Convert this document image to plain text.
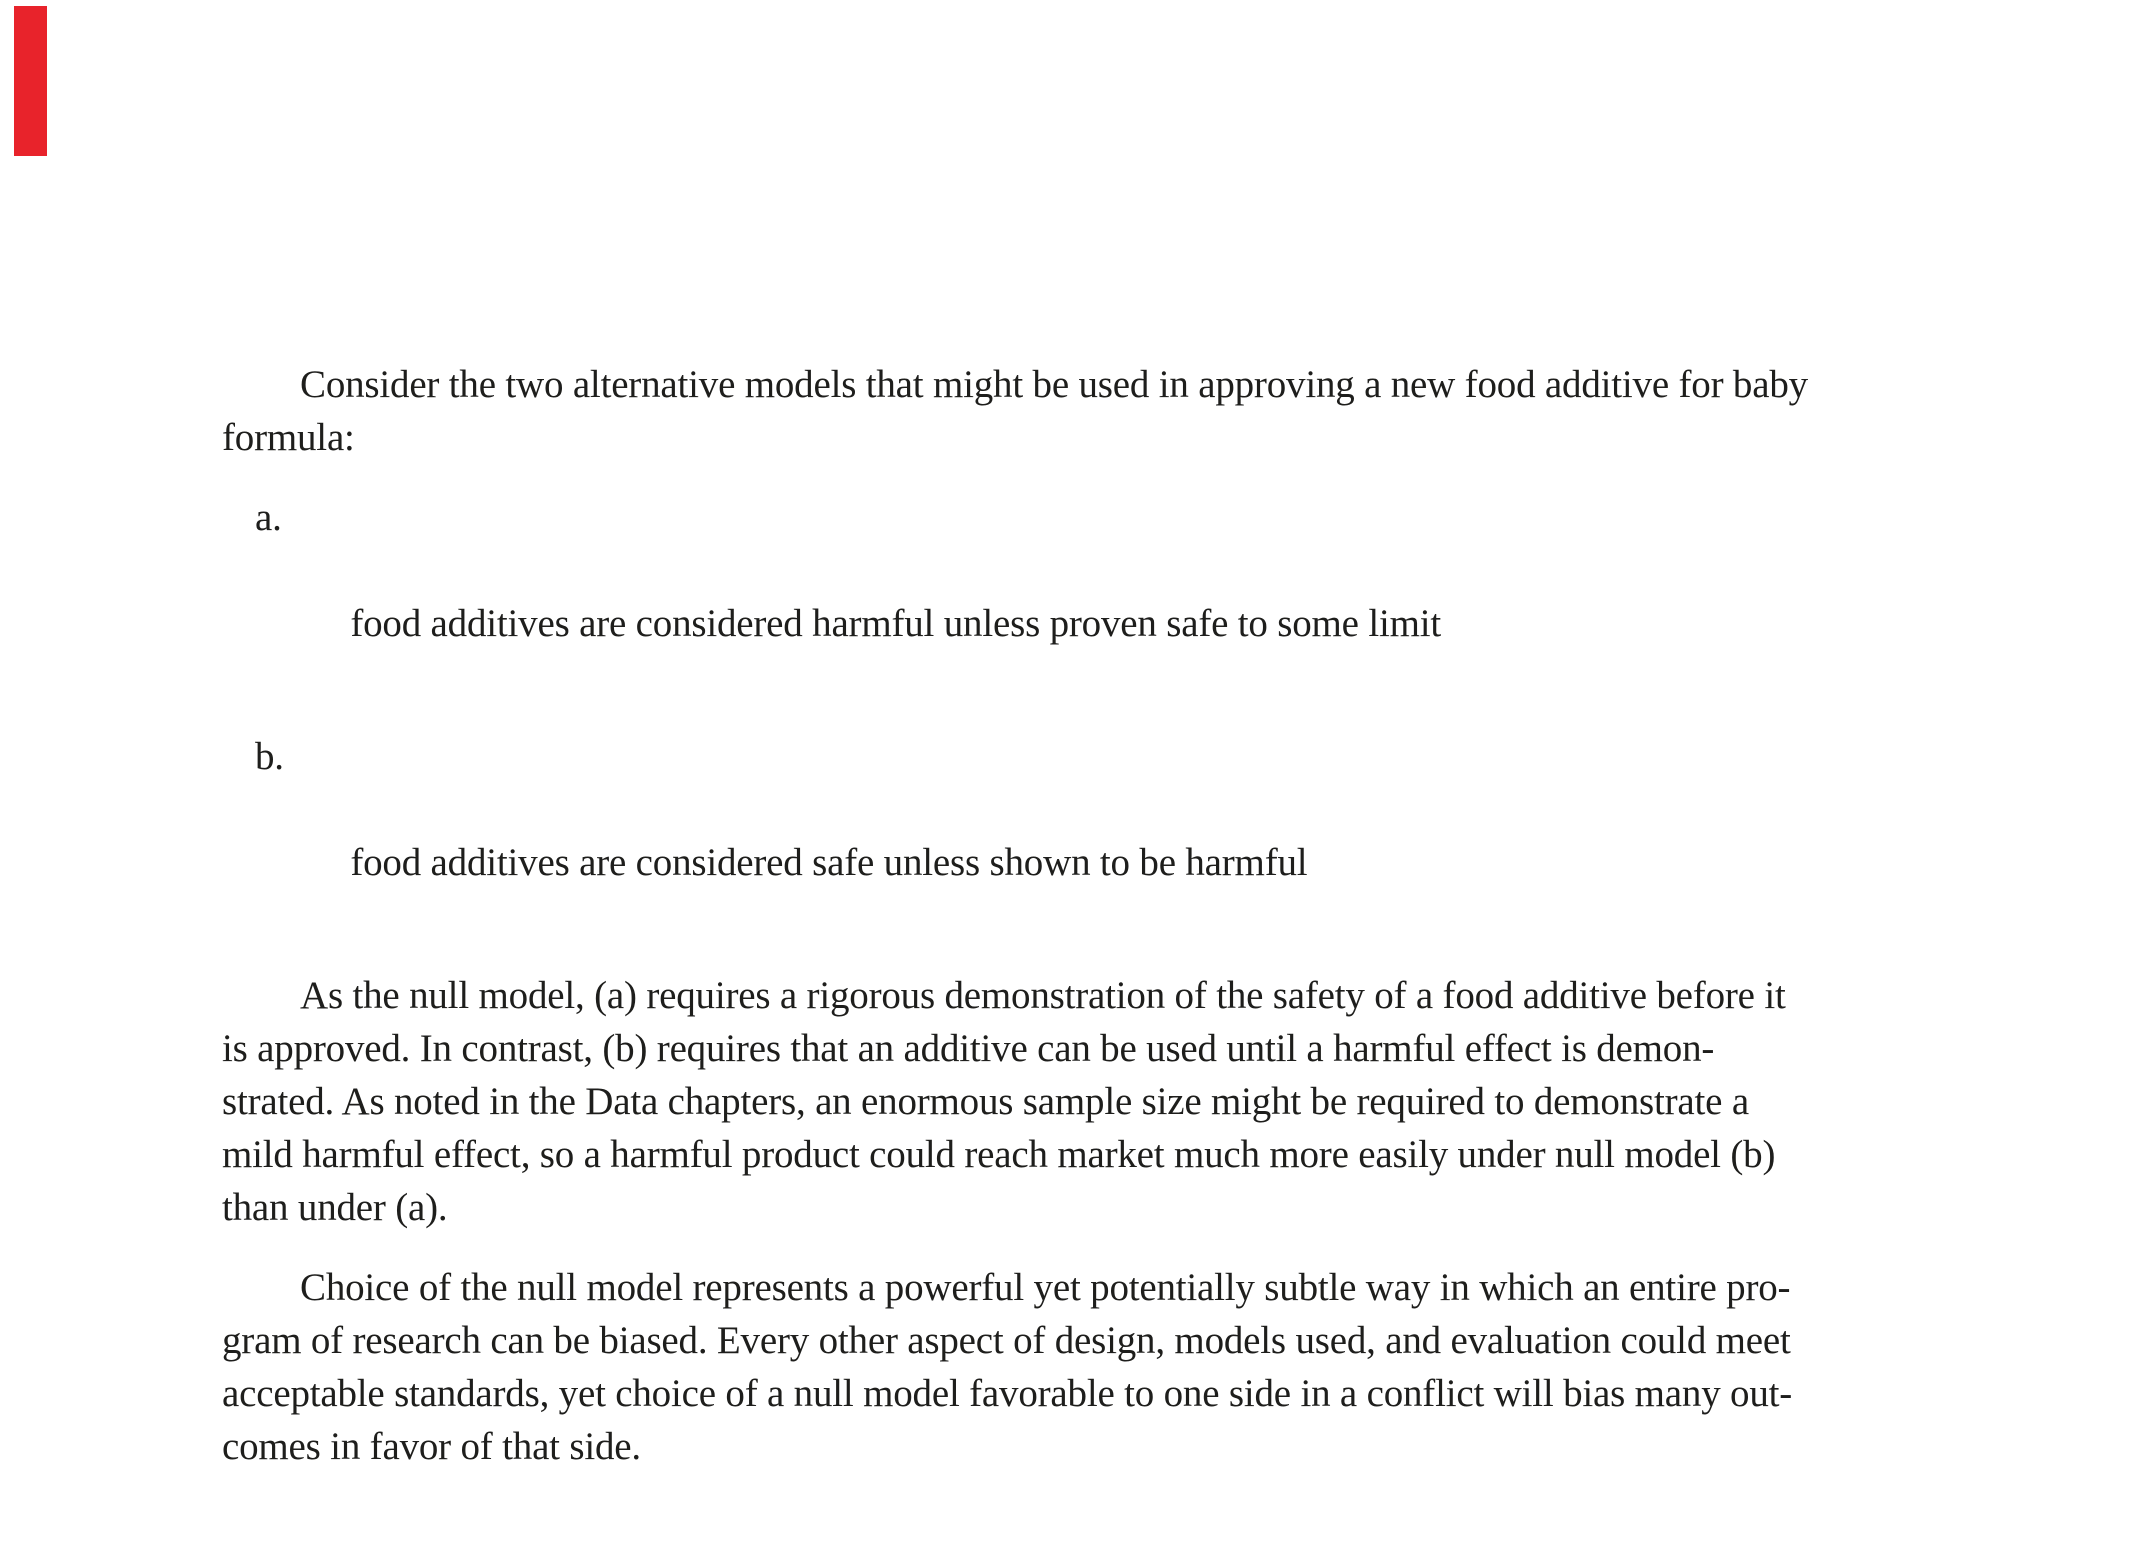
Consider the two alternative models that might be used in approving a new food additive for baby
formula:

a.

food additives are considered harmful unless proven safe to some limit

b.

food additives are considered safe unless shown to be harmful

As the null model, (a) requires a rigorous demonstration of the safety of a food additive before it
is approved. In contrast, (b) requires that an additive can be used until a harmful effect is demon-
strated. As noted in the Data chapters, an enormous sample size might be required to demonstrate a
mild harmful effect, so a harmful product could reach market much more easily under null model (b)
than under (a).

Choice of the null model represents a powerful yet potentially subtle way in which an entire pro-
gram of research can be biased. Every other aspect of design, models used, and evaluation could meet
acceptable standards, yet choice of a null model favorable to one side in a conflict will bias many out-
comes in favor of that side.
